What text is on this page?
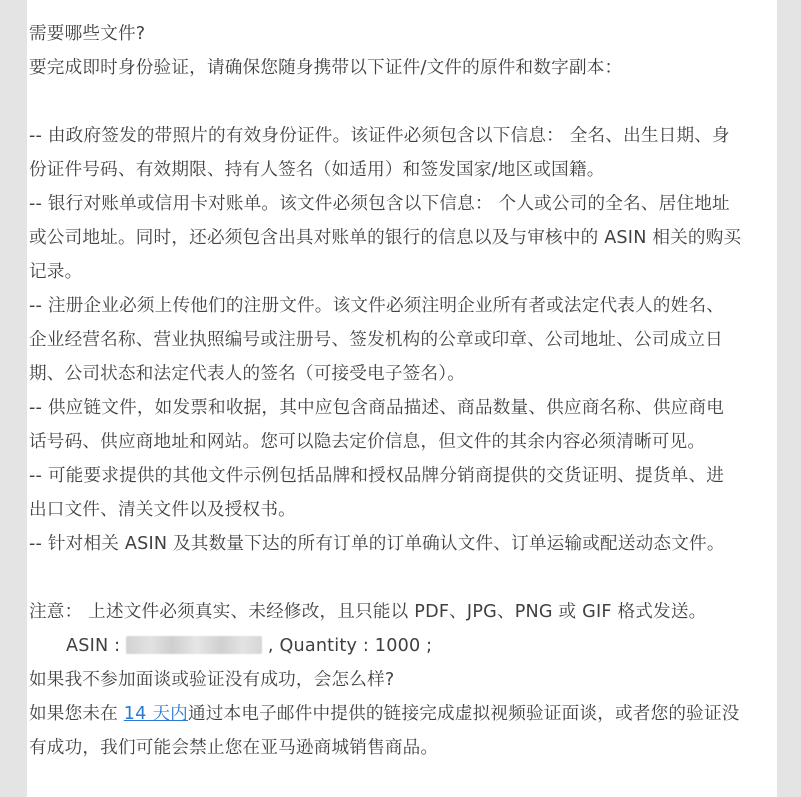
需要哪些文件?
要完成即时身份验证，请确保您随身携带以下证件/文件的原件和数字副本：
-- 由政府签发的带照片的有效身份证件。该证件必须包含以下信息： 全名、出生日期、身
份证件号码、有效期限、持有人签名（如适用）和签发国家/地区或国籍。
-- 银行对账单或信用卡对账单。该文件必须包含以下信息： 个人或公司的全名、居住地址
或公司地址。同时，还必须包含出具对账单的银行的信息以及与审核中的 ASIN 相关的购买
记录。
-- 注册企业必须上传他们的注册文件。该文件必须注明企业所有者或法定代表人的姓名、
企业经营名称、营业执照编号或注册号、签发机构的公章或印章、公司地址、公司成立日
期、公司状态和法定代表人的签名（可接受电子签名）。
-- 供应链文件，如发票和收据，其中应包含商品描述、商品数量、供应商名称、供应商电
话号码、供应商地址和网站。您可以隐去定价信息，但文件的其余内容必须清晰可见。
-- 可能要求提供的其他文件示例包括品牌和授权品牌分销商提供的交货证明、提货单、进
出口文件、清关文件以及授权书。
-- 针对相关 ASIN 及其数量下达的所有订单的订单确认文件、订单运输或配送动态文件。
注意： 上述文件必须真实、未经修改，且只能以 PDF、JPG、PNG 或 GIF 格式发送。
ASIN :	, Quantity : 1000 ;
如果我不参加面谈或验证没有成功，会怎么样?
如果您未在 14 天内通过本电子邮件中提供的链接完成虚拟视频验证面谈，或者您的验证没
有成功，我们可能会禁止您在亚马逊商城销售商品。
